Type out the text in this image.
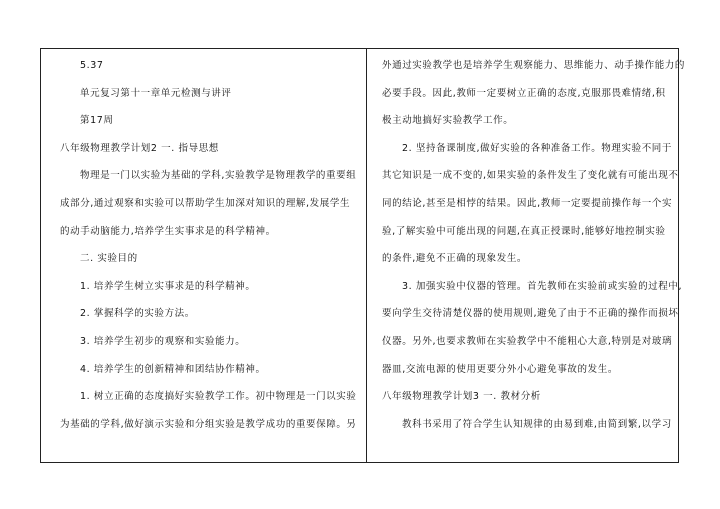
5.37
单元复习第十一章单元检测与讲评
第17周
八年级物理教学计划2 一. 指导思想
物理是一门以实验为基础的学科,实验教学是物理教学的重要组
成部分,通过观察和实验可以帮助学生加深对知识的理解,发展学生
的动手动脑能力,培养学生实事求是的科学精神。
二. 实验目的
1. 培养学生树立实事求是的科学精神。
2. 掌握科学的实验方法。
3. 培养学生初步的观察和实验能力。
4. 培养学生的创新精神和团结协作精神。
1. 树立正确的态度搞好实验教学工作。初中物理是一门以实验
为基础的学科,做好演示实验和分组实验是教学成功的重要保障。另
外通过实验教学也是培养学生观察能力、思维能力、动手操作能力的
必要手段。因此,教师一定要树立正确的态度,克服那畏难情绪,积
极主动地搞好实验教学工作。
2. 坚持备课制度,做好实验的各种准备工作。物理实验不同于
其它知识是一成不变的,如果实验的条件发生了变化就有可能出现不
同的结论,甚至是相悖的结果。因此,教师一定要提前操作每一个实
验,了解实验中可能出现的问题,在真正授课时,能够好地控制实验
的条件,避免不正确的现象发生。
3. 加强实验中仪器的管理。首先教师在实验前或实验的过程中,
要向学生交待清楚仪器的使用规则,避免了由于不正确的操作而损坏
仪器。另外,也要求教师在实验教学中不能粗心大意,特别是对玻璃
器皿,交流电源的使用更要分外小心避免事故的发生。
八年级物理教学计划3 一. 教材分析
教科书采用了符合学生认知规律的由易到难,由简到繁,以学习
